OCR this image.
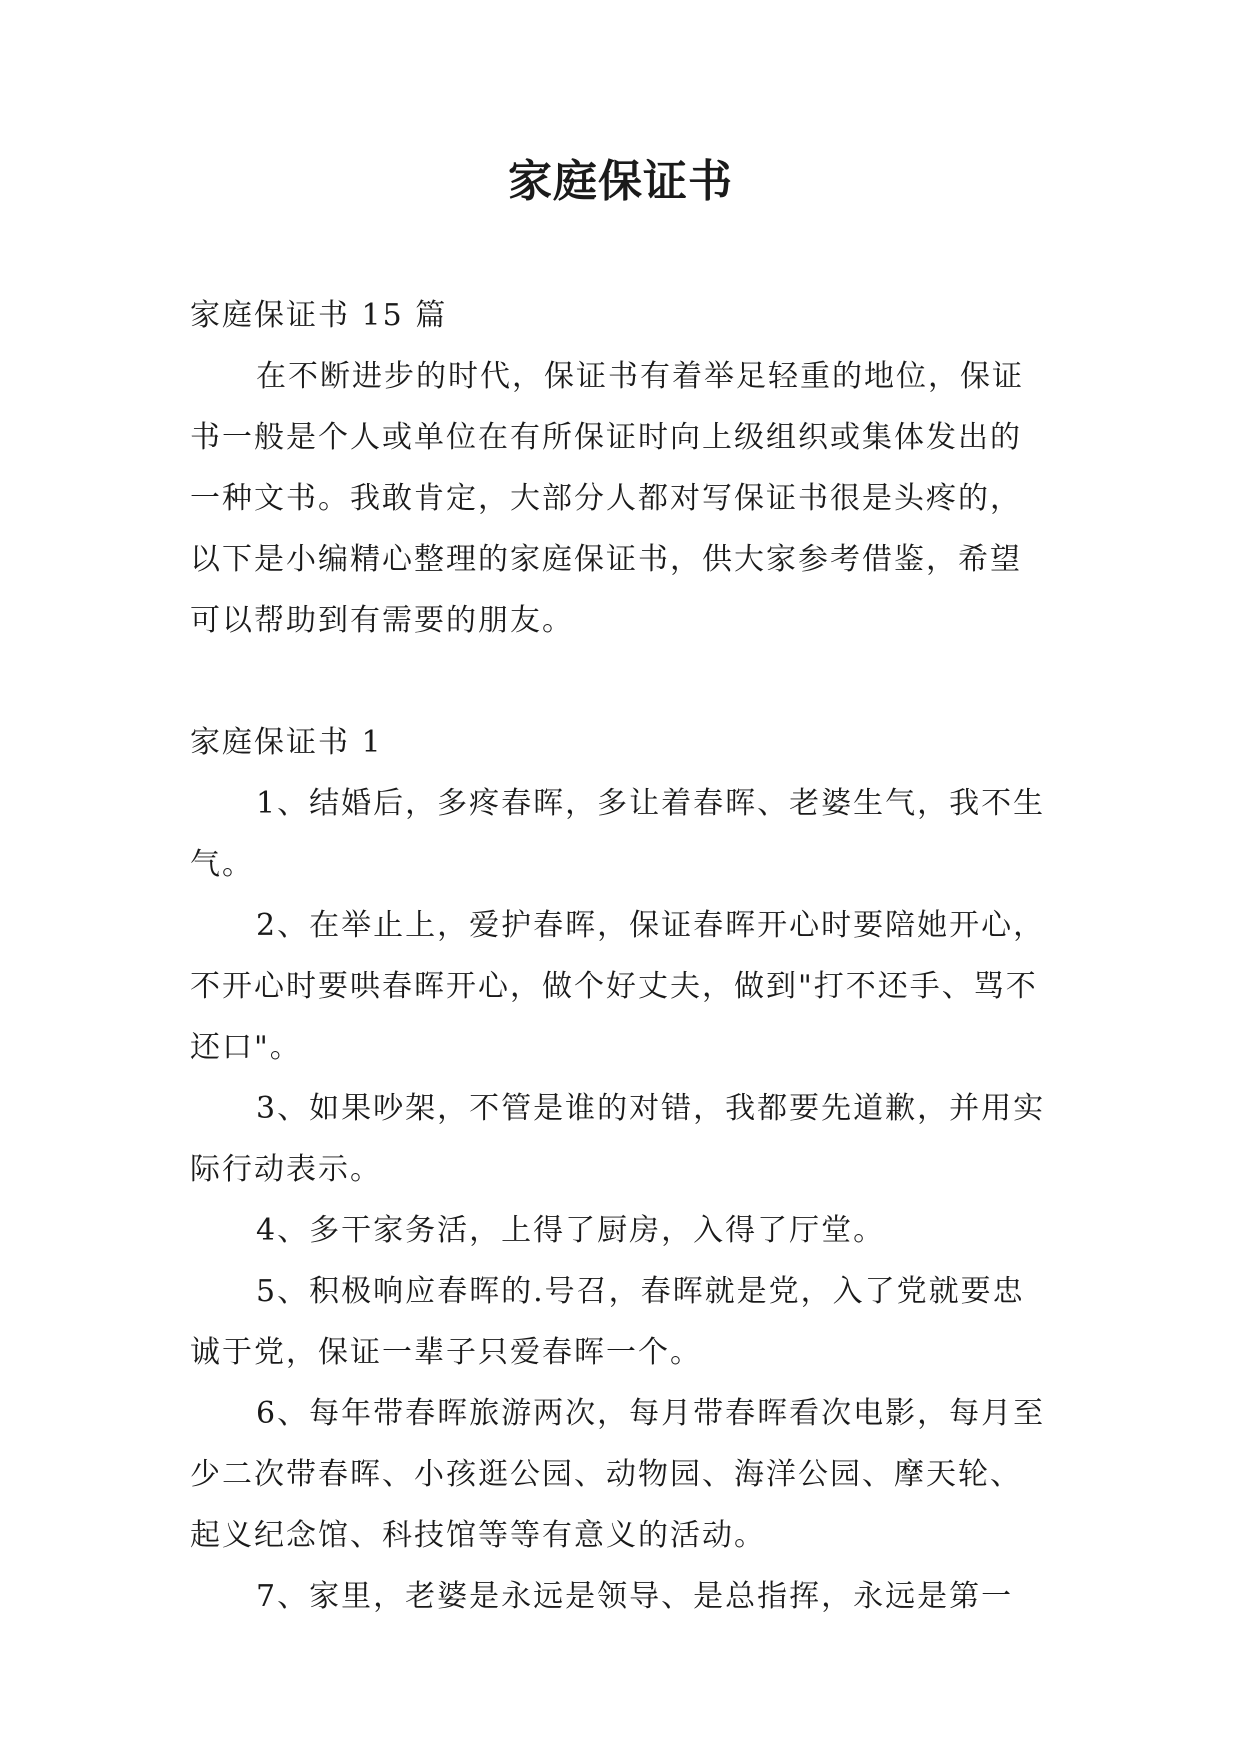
家庭保证书

家庭保证书 15 篇

在不断进步的时代，保证书有着举足轻重的地位，保证书一般是个人或单位在有所保证时向上级组织或集体发出的一种文书。我敢肯定，大部分人都对写保证书很是头疼的，以下是小编精心整理的家庭保证书，供大家参考借鉴，希望可以帮助到有需要的朋友。

家庭保证书 1

1、结婚后，多疼春晖，多让着春晖、老婆生气，我不生气。

2、在举止上，爱护春晖，保证春晖开心时要陪她开心，不开心时要哄春晖开心，做个好丈夫，做到"打不还手、骂不还口"。

3、如果吵架，不管是谁的对错，我都要先道歉，并用实际行动表示。

4、多干家务活，上得了厨房，入得了厅堂。

5、积极响应春晖的.号召，春晖就是党，入了党就要忠诚于党，保证一辈子只爱春晖一个。

6、每年带春晖旅游两次，每月带春晖看次电影，每月至少二次带春晖、小孩逛公园、动物园、海洋公园、摩天轮、起义纪念馆、科技馆等等有意义的活动。

7、家里，老婆是永远是领导、是总指挥，永远是第一
